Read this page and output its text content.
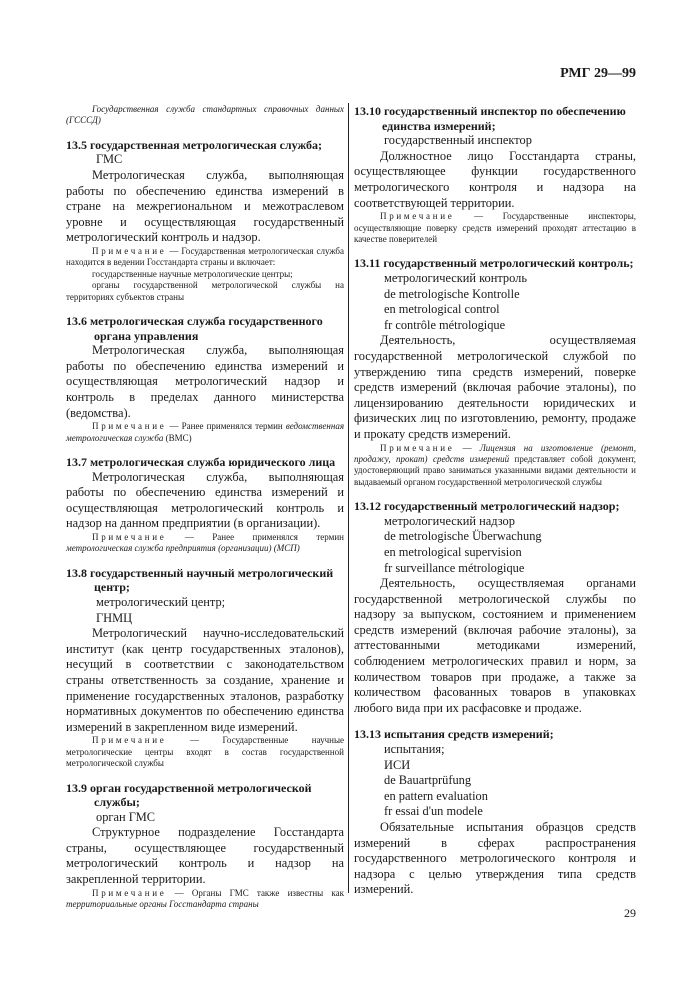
РМГ 29—99

Государственная служба стандартных справочных данных (ГСССД)

13.5 государственная метрологическая служба;

ГМС

Метрологическая служба, выполняющая работы по обеспечению единства измерений в стране на межрегиональном и межотраслевом уровне и осуществляющая государственный метрологический контроль и надзор.

Примечание — Государственная метрологическая служба находится в ведении Госстандарта страны и включает:

государственные научные метрологические центры;

органы государственной метрологической службы на территориях субъектов страны

13.6 метрологическая служба государственного органа управления

Метрологическая служба, выполняющая работы по обеспечению единства измерений и осуществляющая метрологический надзор и контроль в пределах данного министерства (ведомства).

Примечание — Ранее применялся термин ведомственная метрологическая служба (ВМС)

13.7 метрологическая служба юридического лица

Метрологическая служба, выполняющая работы по обеспечению единства измерений и осуществляющая метрологический контроль и надзор на данном предприятии (в организации).

Примечание — Ранее применялся термин метрологическая служба предприятия (организации) (МСП)

13.8 государственный научный метрологический центр;

метрологический центр;

ГНМЦ

Метрологический научно-исследовательский институт (как центр государственных эталонов), несущий в соответствии с законодательством страны ответственность за создание, хранение и применение государственных эталонов, разработку нормативных документов по обеспечению единства измерений в закрепленном виде измерений.

Примечание — Государственные научные метрологические центры входят в состав государственной метрологической службы

13.9 орган государственной метрологической службы;

орган ГМС

Структурное подразделение Госстандарта страны, осуществляющее государственный метрологический контроль и надзор на закрепленной территории.

Примечание — Органы ГМС также известны как территориальные органы Госстандарта страны

13.10 государственный инспектор по обеспечению единства измерений;

государственный инспектор

Должностное лицо Госстандарта страны, осуществляющее функции государственного метрологического контроля и надзора на соответствующей территории.

Примечание — Государственные инспекторы, осуществляющие поверку средств измерений проходят аттестацию в качестве поверителей

13.11 государственный метрологический контроль;

метрологический контроль

de metrologische Kontrolle

en metrological control

fr contrôle métrologique

Деятельность, осуществляемая государственной метрологической службой по утверждению типа средств измерений, поверке средств измерений (включая рабочие эталоны), по лицензированию деятельности юридических и физических лиц по изготовлению, ремонту, продаже и прокату средств измерений.

Примечание — Лицензия на изготовление (ремонт, продажу, прокат) средств измерений представляет собой документ, удостоверяющий право заниматься указанными видами деятельности и выдаваемый органом государственной метрологической службы

13.12 государственный метрологический надзор;

метрологический надзор

de metrologische Überwachung

en metrological supervision

fr surveillance métrologique

Деятельность, осуществляемая органами государственной метрологической службы по надзору за выпуском, состоянием и применением средств измерений (включая рабочие эталоны), за аттестованными методиками измерений, соблюдением метрологических правил и норм, за количеством товаров при продаже, а также за количеством фасованных товаров в упаковках любого вида при их расфасовке и продаже.

13.13 испытания средств измерений;

испытания;

ИСИ

de Bauartprüfung

en pattern evaluation

fr essai d'un modele

Обязательные испытания образцов средств измерений в сферах распространения государственного метрологического контроля и надзора с целью утверждения типа средств измерений.

29
